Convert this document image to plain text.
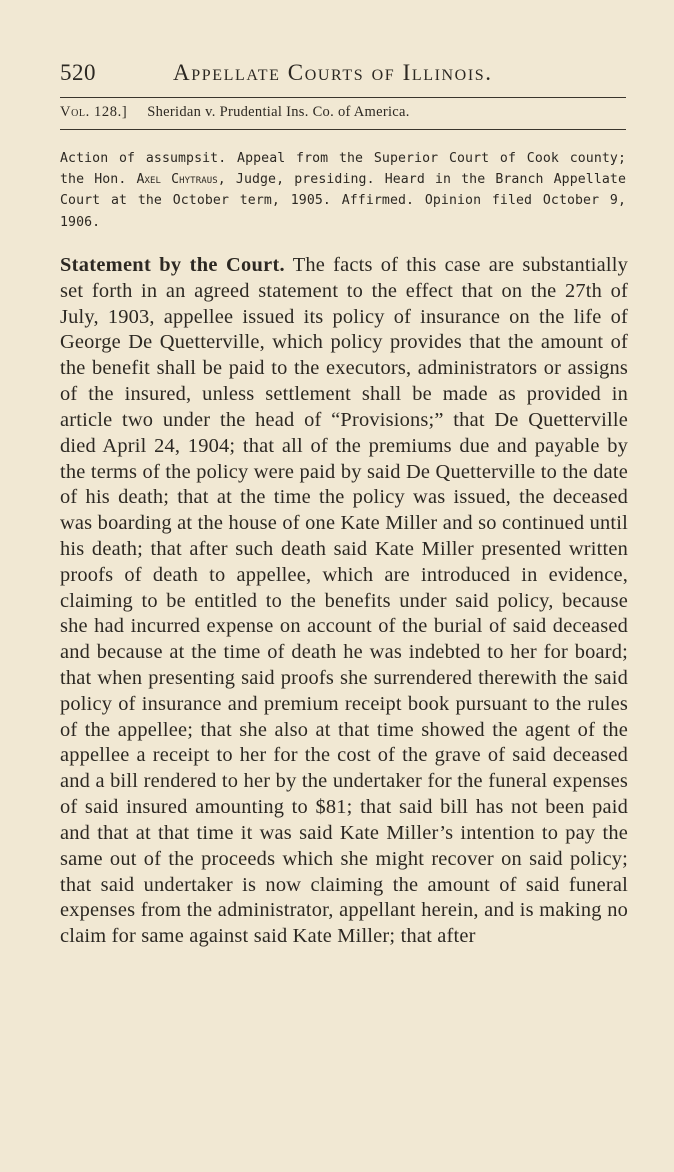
520	Appellate Courts of Illinois.
Vol. 128.] Sheridan v. Prudential Ins. Co. of America.
Action of assumpsit. Appeal from the Superior Court of Cook county; the Hon. Axel Chytraus, Judge, presiding. Heard in the Branch Appellate Court at the October term, 1905. Affirmed. Opinion filed October 9, 1906.
Statement by the Court. The facts of this case are substantially set forth in an agreed statement to the effect that on the 27th of July, 1903, appellee issued its policy of insurance on the life of George De Quetterville, which policy provides that the amount of the benefit shall be paid to the executors, administrators or assigns of the insured, unless settlement shall be made as provided in article two under the head of “Provisions;” that De Quetterville died April 24, 1904; that all of the premiums due and payable by the terms of the policy were paid by said De Quetterville to the date of his death; that at the time the policy was issued, the deceased was boarding at the house of one Kate Miller and so continued until his death; that after such death said Kate Miller presented written proofs of death to appellee, which are introduced in evidence, claiming to be entitled to the benefits under said policy, because she had incurred expense on account of the burial of said deceased and because at the time of death he was indebted to her for board; that when presenting said proofs she surrendered therewith the said policy of insurance and premium receipt book pursuant to the rules of the appellee; that she also at that time showed the agent of the appellee a receipt to her for the cost of the grave of said deceased and a bill rendered to her by the undertaker for the funeral expenses of said insured amounting to $81; that said bill has not been paid and that at that time it was said Kate Miller’s intention to pay the same out of the proceeds which she might recover on said policy; that said undertaker is now claiming the amount of said funeral expenses from the administrator, appellant herein, and is making no claim for same against said Kate Miller; that after
